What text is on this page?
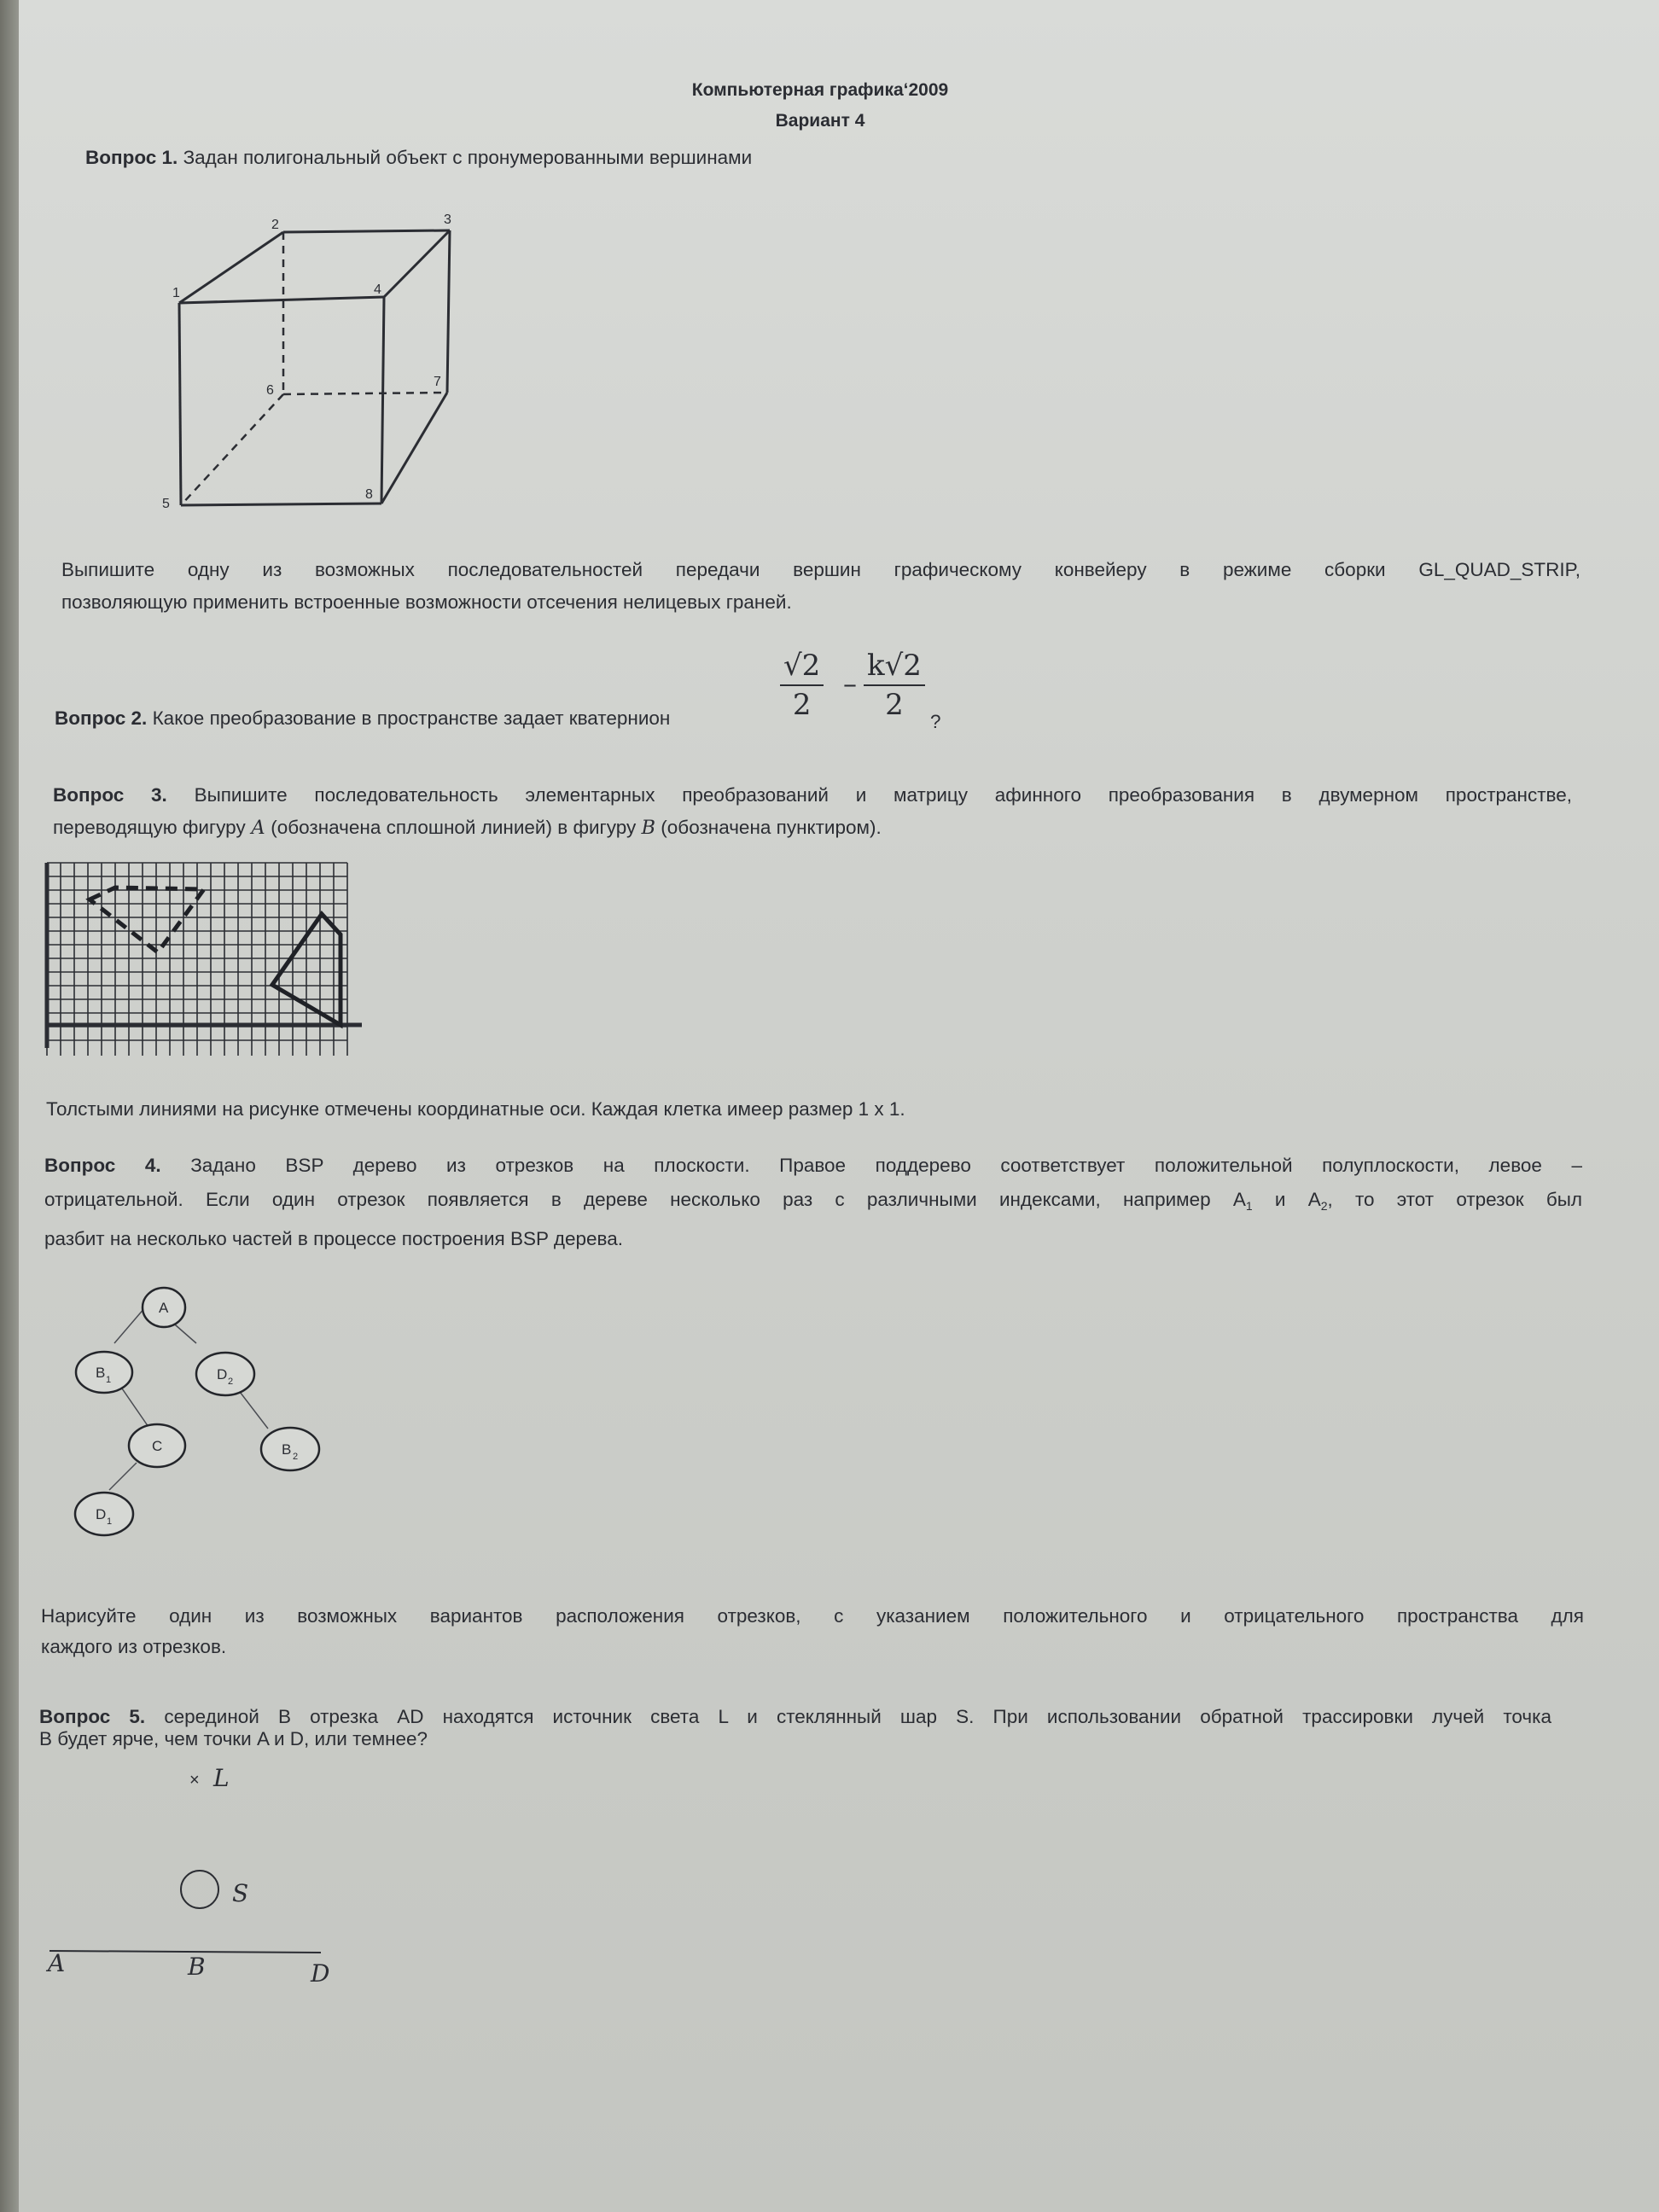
Компьютерная графика‘2009
Вариант 4
Вопрос 1. Задан полигональный объект с пронумерованными вершинами
1
2	3
4
5
6
7
8
Выпишите одну из возможных последовательностей передачи вершин графическому конвейеру в режиме сборки GL_QUAD_STRIP,
позволяющую применить встроенные возможности отсечения нелицевых граней.
Вопрос 2. Какое преобразование в пространстве задает кватернион	$\frac{√2}{2} - \frac{k√2}{2}$ ?
Вопрос 3. Выпишите последовательность элементарных преобразований и матрицу афинного преобразования в двумерном пространстве,
переводящую фигуру А (обозначена сплошной линией) в фигуру B (обозначена пунктиром).
Толстыми линиями на рисунке отмечены координатные оси. Каждая клетка имеер размер 1 х 1.
Вопрос 4. Задано BSP дерево из отрезков на плоскости. Правое поддерево соответствует положительной полуплоскости, левое –
отрицательной. Если один отрезок появляется в дереве несколько раз с различными индексами, например $A_1$ и $A_2$, то этот отрезок был
разбит на несколько частей в процессе построения BSP дерева.
A
B 1	D 2
C	B 2
D 1
Нарисуйте один из возможных вариантов расположения отрезков, с указанием положительного и отрицательного пространства для
каждого из отрезков.
Вопрос 5. серединой B отрезка AD находятся источник света L и стеклянный шар S. При использовании обратной трассировки лучей точка
B будет ярче, чем точки A и D, или темнее?
× L
S
A	B	D
